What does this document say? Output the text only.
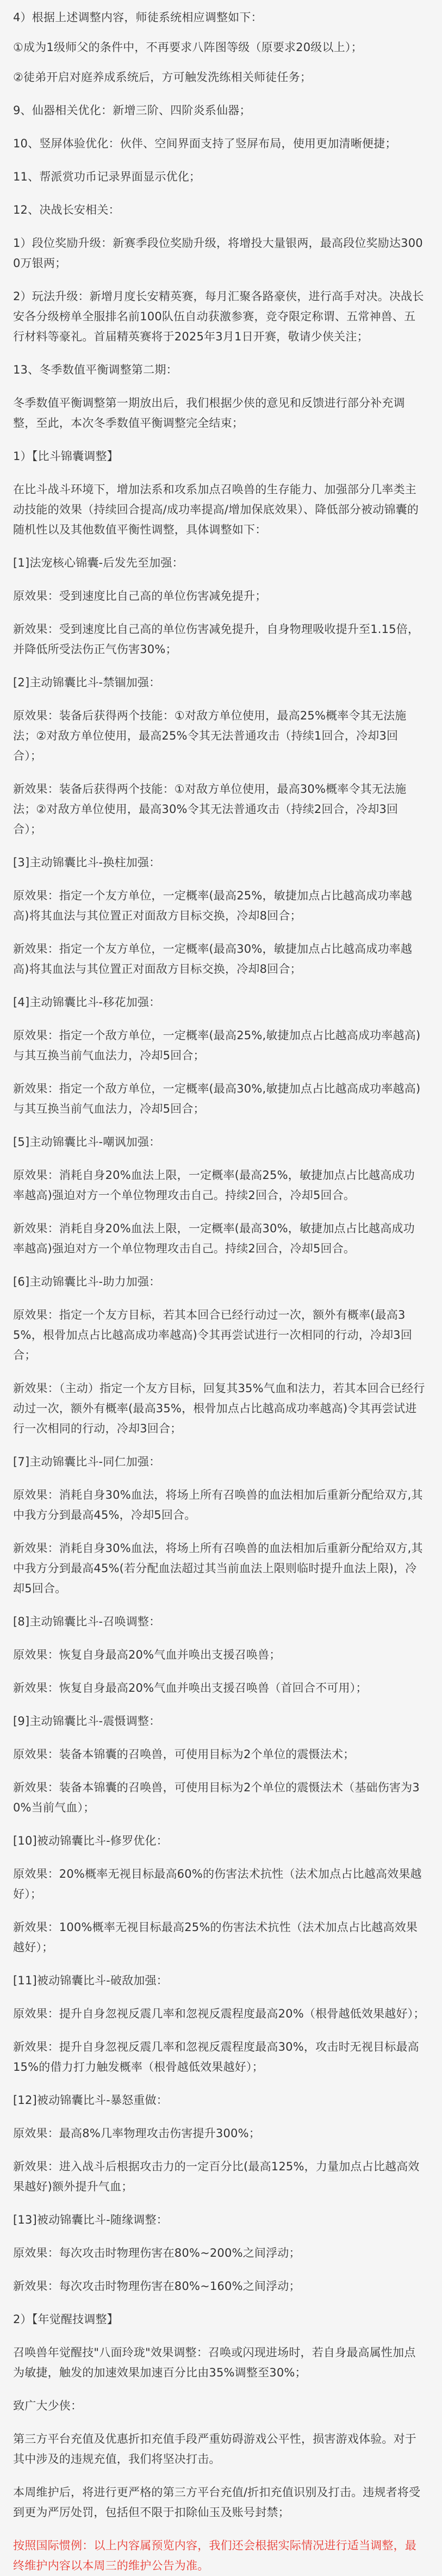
4）根据上述调整内容，师徒系统相应调整如下：

①成为1级师父的条件中，不再要求八阵图等级（原要求20级以上）；

②徒弟开启对庭养成系统后，方可触发洗练相关师徒任务；

9、仙器相关优化：新增三阶、四阶炎系仙器；

10、竖屏体验优化：伙伴、空间界面支持了竖屏布局，使用更加清晰便捷；

11、帮派赏功币记录界面显示优化；

12、决战长安相关：

1）段位奖励升级：新赛季段位奖励升级，将增投大量银两，最高段位奖励达3000万银两；

2）玩法升级：新增月度长安精英赛，每月汇聚各路豪侠，进行高手对决。决战长安各分级榜单全服排名前100队伍自动获激参赛，竞夺限定称谓、五常神兽、五行材料等豪礼。首届精英赛将于2025年3月1日开赛，敬请少侠关注；

13、冬季数值平衡调整第二期：

冬季数值平衡调整第一期放出后，我们根据少侠的意见和反馈进行部分补充调整，至此，本次冬季数值平衡调整完全结束；

1）【比斗锦囊调整】

在比斗战斗环境下，增加法系和攻系加点召唤兽的生存能力、加强部分几率类主动技能的效果（持续回合提高/成功率提高/增加保底效果）、降低部分被动锦囊的随机性以及其他数值平衡性调整，具体调整如下：

[1]法宠核心锦囊-后发先至加强：

原效果：受到速度比自己高的单位伤害减免提升；

新效果：受到速度比自己高的单位伤害减免提升，自身物理吸收提升至1.15倍，并降低所受法伤正气伤害30%；

[2]主动锦囊比斗-禁锢加强：

原效果：装备后获得两个技能：①对敌方单位使用，最高25%概率令其无法施法；②对敌方单位使用，最高25%令其无法普通攻击（持续1回合，冷却3回合）；

新效果：装备后获得两个技能：①对敌方单位使用，最高30%概率令其无法施法；②对敌方单位使用，最高30%令其无法普通攻击（持续2回合，冷却3回合）；

[3]主动锦囊比斗-换柱加强：

原效果：指定一个友方单位，一定概率(最高25%，敏捷加点占比越高成功率越高)将其血法与其位置正对面敌方目标交换，冷却8回合；

新效果：指定一个友方单位，一定概率(最高30%，敏捷加点占比越高成功率越高)将其血法与其位置正对面敌方目标交换，冷却8回合；

[4]主动锦囊比斗-移花加强：

原效果：指定一个敌方单位，一定概率(最高25%,敏捷加点占比越高成功率越高)与其互换当前气血法力，冷却5回合；

新效果：指定一个敌方单位，一定概率(最高30%,敏捷加点占比越高成功率越高)与其互换当前气血法力，冷却5回合；

[5]主动锦囊比斗-嘲讽加强：

原效果：消耗自身20%血法上限，一定概率(最高25%，敏捷加点占比越高成功率越高)强迫对方一个单位物理攻击自己。持续2回合，冷却5回合。

新效果：消耗自身20%血法上限，一定概率(最高30%，敏捷加点占比越高成功率越高)强迫对方一个单位物理攻击自己。持续2回合，冷却5回合。

[6]主动锦囊比斗-助力加强：

原效果：指定一个友方目标，若其本回合已经行动过一次，额外有概率(最高35%，根骨加点占比越高成功率越高)令其再尝试进行一次相同的行动，冷却3回合；

新效果：（主动）指定一个友方目标，回复其35%气血和法力，若其本回合已经行动过一次，额外有概率(最高35%，根骨加点占比越高成功率越高)令其再尝试进行一次相同的行动，冷却3回合；

[7]主动锦囊比斗-同仁加强：

原效果：消耗自身30%血法，将场上所有召唤兽的血法相加后重新分配给双方,其中我方分到最高45%，冷却5回合。

新效果：消耗自身30%血法，将场上所有召唤兽的血法相加后重新分配给双方,其中我方分到最高45%(若分配血法超过其当前血法上限则临时提升血法上限)，冷却5回合。

[8]主动锦囊比斗-召唤调整：

原效果：恢复自身最高20%气血并唤出支援召唤兽；

新效果：恢复自身最高20%气血并唤出支援召唤兽（首回合不可用）；

[9]主动锦囊比斗-震慑调整：

原效果：装备本锦囊的召唤兽，可使用目标为2个单位的震慑法术；

新效果：装备本锦囊的召唤兽，可使用目标为2个单位的震慑法术（基础伤害为30%当前气血）；

[10]被动锦囊比斗-修罗优化：

原效果：20%概率无视目标最高60%的伤害法术抗性（法术加点占比越高效果越好）；

新效果：100%概率无视目标最高25%的伤害法术抗性（法术加点占比越高效果越好）；

[11]被动锦囊比斗-破敌加强：

原效果：提升自身忽视反震几率和忽视反震程度最高20%（根骨越低效果越好）；

新效果：提升自身忽视反震几率和忽视反震程度最高30%，攻击时无视目标最高15%的借力打力触发概率（根骨越低效果越好）；

[12]被动锦囊比斗-暴怒重做：

原效果：最高8%几率物理攻击伤害提升300%；

新效果：进入战斗后根据攻击力的一定百分比(最高125%，力量加点占比越高效果越好)额外提升气血；

[13]被动锦囊比斗-随缘调整：

原效果：每次攻击时物理伤害在80%~200%之间浮动；

新效果：每次攻击时物理伤害在80%~160%之间浮动；

2）【年觉醒技调整】

召唤兽年觉醒技"八面玲珑"效果调整：召唤或闪现进场时，若自身最高属性加点为敏捷，触发的加速效果加速百分比由35%调整至30%；

致广大少侠：

第三方平台充值及优惠折扣充值手段严重妨碍游戏公平性，损害游戏体验。对于其中涉及的违规充值，我们将坚决打击。

本周维护后，将进行更严格的第三方平台充值/折扣充值识别及打击。违规者将受到更为严厉处罚，包括但不限于扣除仙玉及账号封禁；

按照国际惯例：以上内容属预览内容，我们还会根据实际情况进行适当调整，最终维护内容以本周三的维护公告为准。
